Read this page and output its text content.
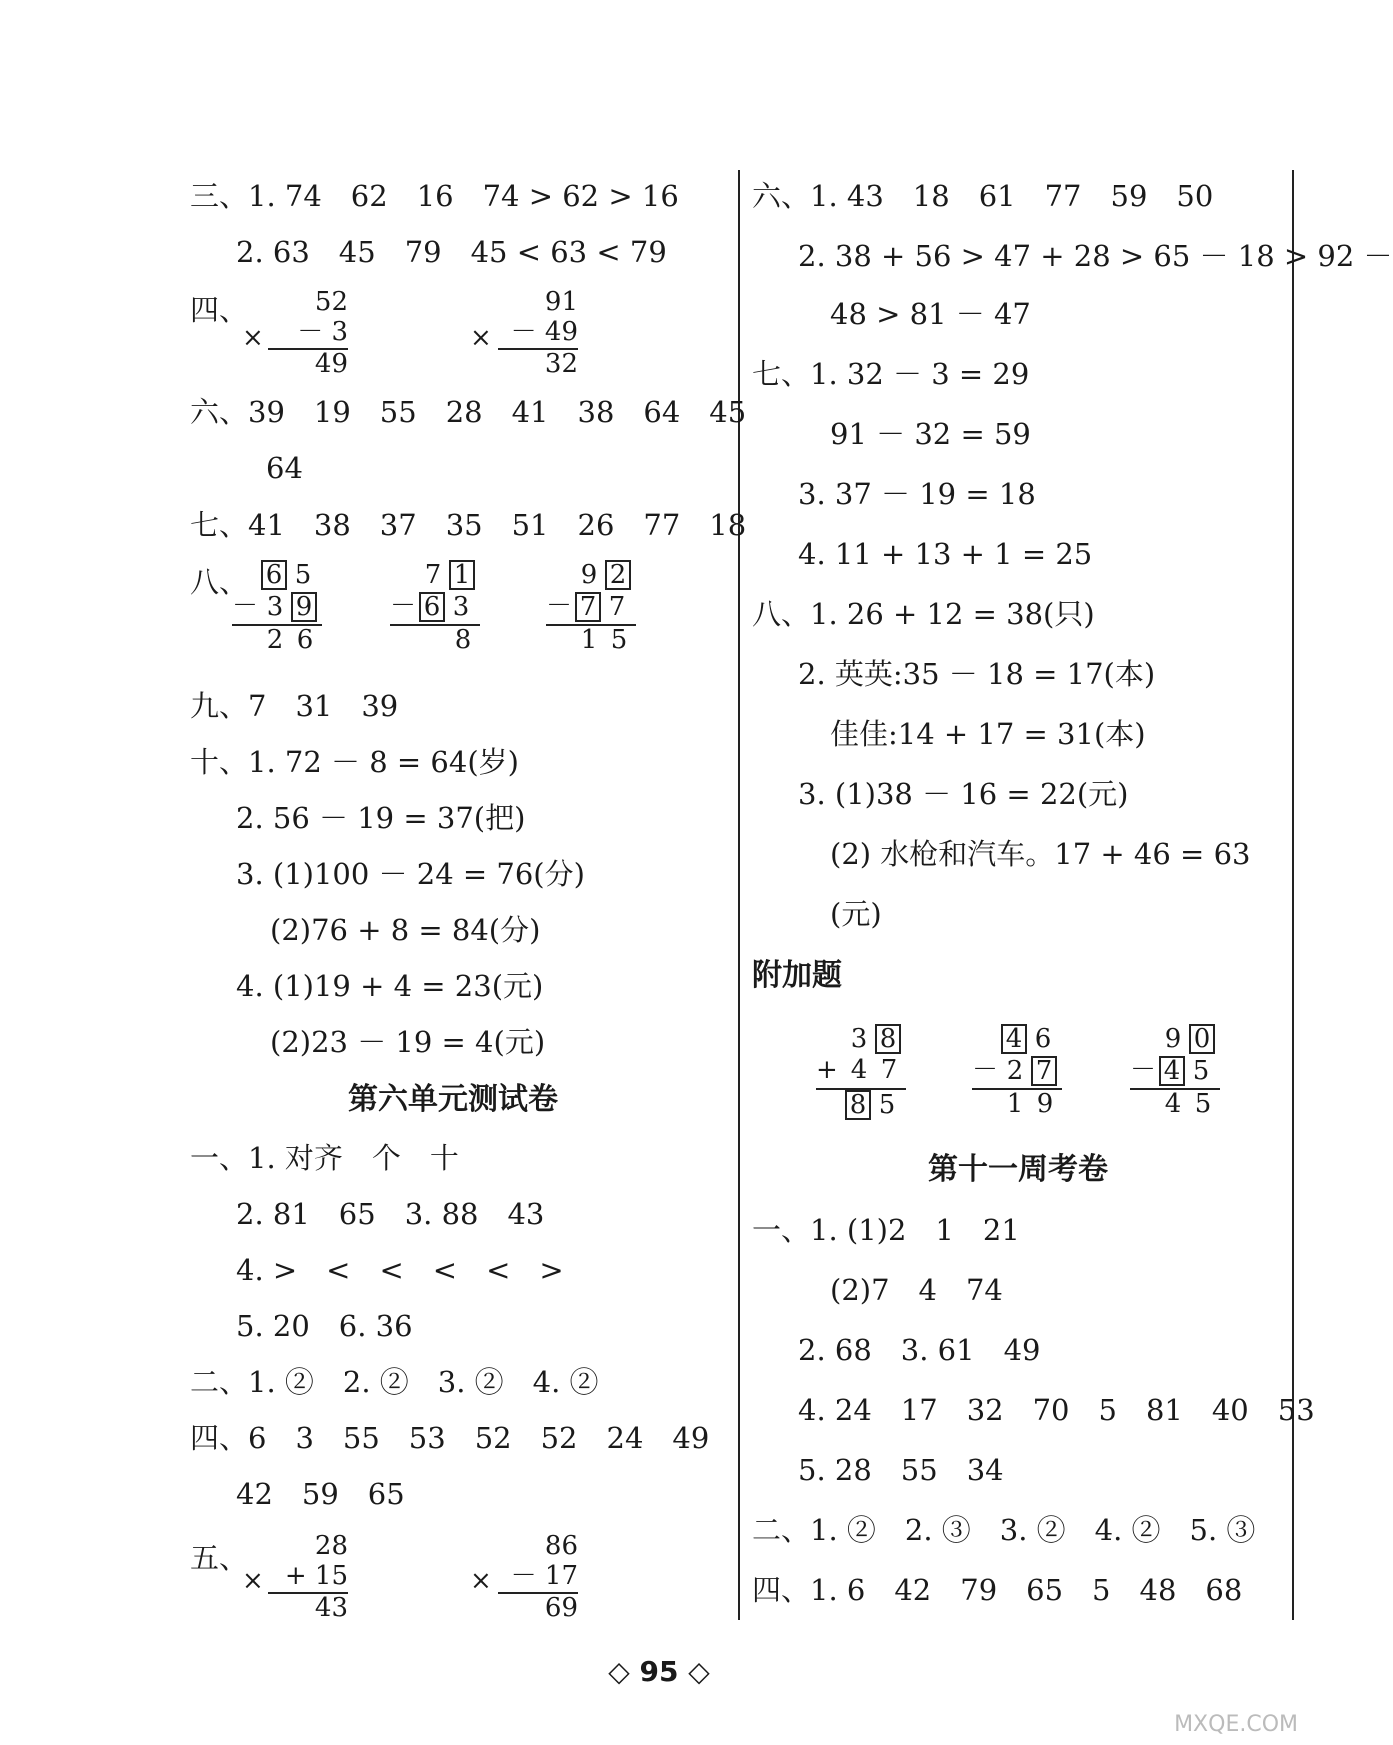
三、1. 74　62　16　74 > 62 > 16
2. 63　45　79　45 < 63 < 79
四、
×
52
－ 3
49
×
91
－ 49
32
六、39　19　55　28　41　38　64　45
64
七、41　38　37　35　51　26　77　18
八、 6 5
－ 3 9
2 6
7 1
－ 6 3
8
9 2
－ 7 7
1 5
九、7　31　39
十、1. 72 － 8 = 64(岁)
2. 56 － 19 = 37(把)
3. (1)100 － 24 = 76(分)
(2)76 + 8 = 84(分)
4. (1)19 + 4 = 23(元)
(2)23 － 19 = 4(元)
第六单元测试卷
一、1. 对齐　个　十
2. 81　65　3. 88　43
4. >　<　<　<　<　>
5. 20　6. 36
二、1. ②　2. ②　3. ②　4. ②
四、6　3　55　53　52　52　24　49
42　59　65
五、
×
28
+ 15
43
×
86
－ 17
69
六、1. 43　18　61　77　59　50
2. 38 + 56 > 47 + 28 > 65 － 18 > 92 －
48 > 81 － 47
七、1. 32 － 3 = 29
91 － 32 = 59
3. 37 － 19 = 18
4. 11 + 13 + 1 = 25
八、1. 26 + 12 = 38(只)
2. 英英:35 － 18 = 17(本)
佳佳:14 + 17 = 31(本)
3. (1)38 － 16 = 22(元)
(2) 水枪和汽车。17 + 46 = 63
(元)
附加题
3 8
+ 4 7
8 5
4 6
－ 2 7
1 9
9 0
－ 4 5
4 5
第十一周考卷
一、1. (1)2　1　21
(2)7　4　74
2. 68　3. 61　49
4. 24　17　32　70　5　81　40　53
5. 28　55　34
二、1. ②　2. ③　3. ②　4. ②　5. ③
四、1. 6　42　79　65　5　48　68
◇ 95 ◇
MXQE.COM
